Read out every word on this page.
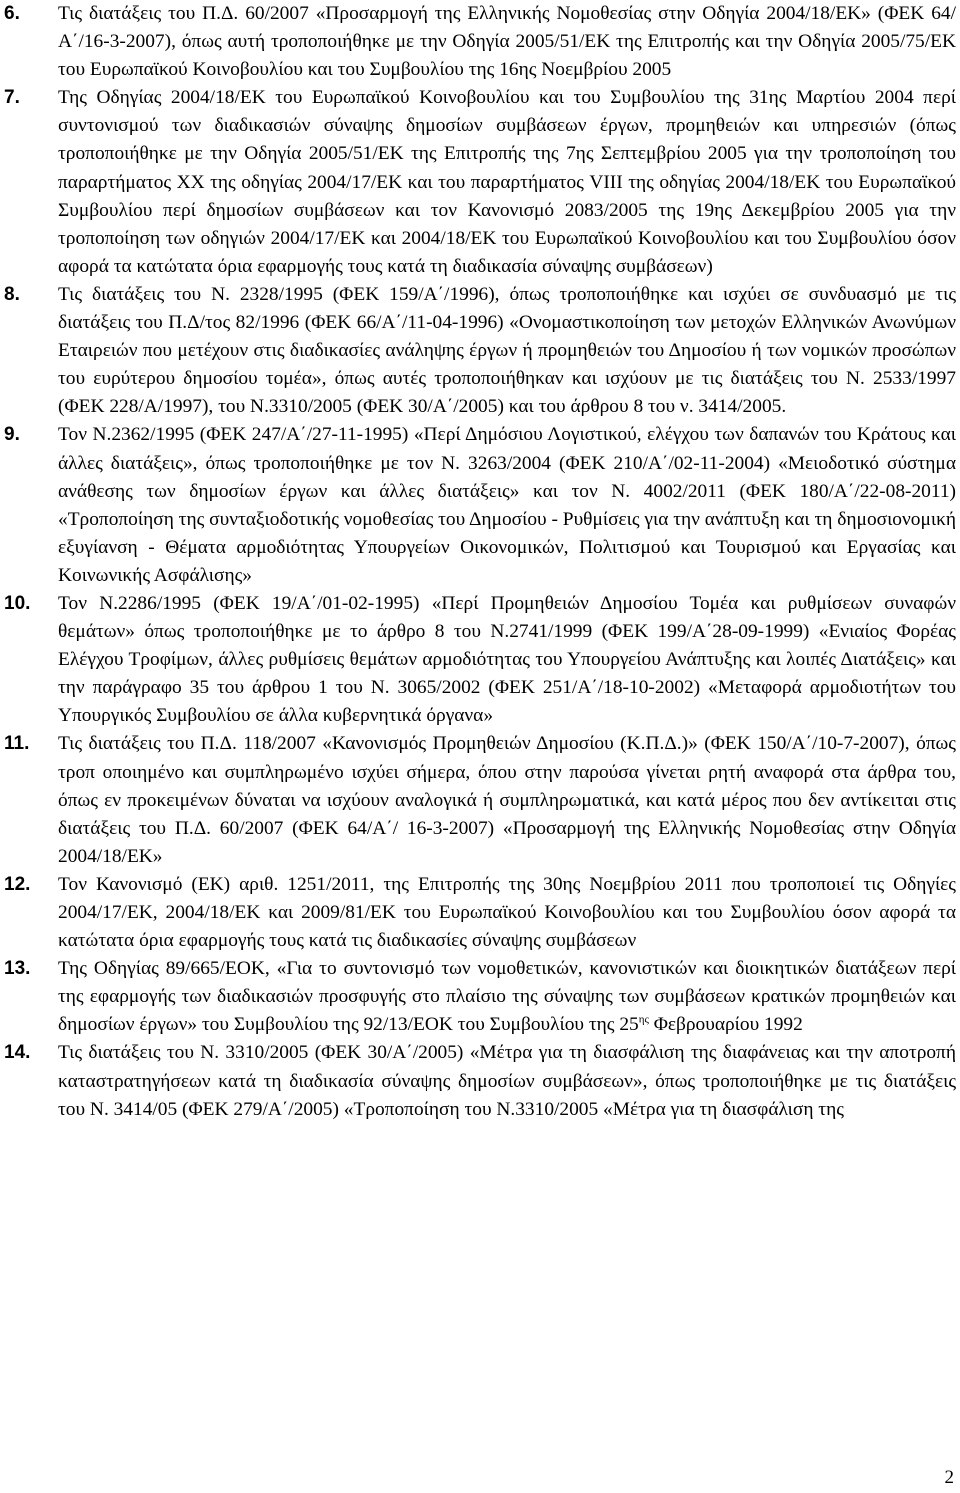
6. Τις διατάξεις του Π.Δ. 60/2007 «Προσαρμογή της Ελληνικής Νομοθεσίας στην Οδηγία 2004/18/ΕΚ» (ΦΕΚ 64/Α΄/16-3-2007), όπως αυτή τροποποιήθηκε με την Οδηγία 2005/51/ΕΚ της Επιτροπής και την Οδηγία 2005/75/ΕΚ του Ευρωπαϊκού Κοινοβουλίου και του Συμβουλίου της 16ης Νοεμβρίου 2005
7. Της Οδηγίας 2004/18/ΕΚ του Ευρωπαϊκού Κοινοβουλίου και του Συμβουλίου της 31ης Μαρτίου 2004 περί συντονισμού των διαδικασιών σύναψης δημοσίων συμβάσεων έργων, προμηθειών και υπηρεσιών (όπως τροποποιήθηκε με την Οδηγία 2005/51/ΕΚ της Επιτροπής της 7ης Σεπτεμβρίου 2005 για την τροποποίηση του παραρτήματος ΧΧ της οδηγίας 2004/17/ΕΚ και του παραρτήματος VIII της οδηγίας 2004/18/ΕΚ του Ευρωπαϊκού Συμβουλίου περί δημοσίων συμβάσεων και τον Κανονισμό 2083/2005 της 19ης Δεκεμβρίου 2005 για την τροποποίηση των οδηγιών 2004/17/ΕΚ και 2004/18/ΕΚ του Ευρωπαϊκού Κοινοβουλίου και του Συμβουλίου όσον αφορά τα κατώτατα όρια εφαρμογής τους κατά τη διαδικασία σύναψης συμβάσεων)
8. Τις διατάξεις του Ν. 2328/1995 (ΦΕΚ 159/Α΄/1996), όπως τροποποιήθηκε και ισχύει σε συνδυασμό με τις διατάξεις του Π.Δ/τος 82/1996 (ΦΕΚ 66/Α΄/11-04-1996) «Ονομαστικοποίηση των μετοχών Ελληνικών Ανωνύμων Εταιρειών που μετέχουν στις διαδικασίες ανάληψης έργων ή προμηθειών του Δημοσίου ή των νομικών προσώπων του ευρύτερου δημοσίου τομέα», όπως αυτές τροποποιήθηκαν και ισχύουν με τις διατάξεις του Ν. 2533/1997 (ΦΕΚ 228/Α/1997), του Ν.3310/2005 (ΦΕΚ 30/Α΄/2005) και του άρθρου 8 του ν. 3414/2005.
9. Τον Ν.2362/1995 (ΦΕΚ 247/Α΄/27-11-1995) «Περί Δημόσιου Λογιστικού, ελέγχου των δαπανών του Κράτους και άλλες διατάξεις», όπως τροποποιήθηκε με τον Ν. 3263/2004 (ΦΕΚ 210/Α΄/02-11-2004) «Μειοδοτικό σύστημα ανάθεσης των δημοσίων έργων και άλλες διατάξεις» και τον Ν. 4002/2011 (ΦΕΚ 180/Α΄/22-08-2011) «Τροποποίηση της συνταξιοδοτικής νομοθεσίας του Δημοσίου - Ρυθμίσεις για την ανάπτυξη και τη δημοσιονομική εξυγίανση - Θέματα αρμοδιότητας Υπουργείων Οικονομικών, Πολιτισμού και Τουρισμού και Εργασίας και Κοινωνικής Ασφάλισης»
10. Τον Ν.2286/1995 (ΦΕΚ 19/Α΄/01-02-1995) «Περί Προμηθειών Δημοσίου Τομέα και ρυθμίσεων συναφών θεμάτων» όπως τροποποιήθηκε με το άρθρο 8 του Ν.2741/1999 (ΦΕΚ 199/Α΄28-09-1999) «Ενιαίος Φορέας Ελέγχου Τροφίμων, άλλες ρυθμίσεις θεμάτων αρμοδιότητας του Υπουργείου Ανάπτυξης και λοιπές Διατάξεις» και την παράγραφο 35 του άρθρου 1 του Ν. 3065/2002 (ΦΕΚ 251/Α΄/18-10-2002) «Μεταφορά αρμοδιοτήτων του Υπουργικός Συμβουλίου σε άλλα κυβερνητικά όργανα»
11. Τις διατάξεις του Π.Δ. 118/2007 «Κανονισμός Προμηθειών Δημοσίου (Κ.Π.Δ.)» (ΦΕΚ 150/Α΄/10-7-2007), όπως τροπ οποιημένο και συμπληρωμένο ισχύει σήμερα, όπου στην παρούσα γίνεται ρητή αναφορά στα άρθρα του, όπως εν προκειμένων δύναται να ισχύουν αναλογικά ή συμπληρωματικά, και κατά μέρος που δεν αντίκειται στις διατάξεις του Π.Δ. 60/2007 (ΦΕΚ 64/Α΄/ 16-3-2007) «Προσαρμογή της Ελληνικής Νομοθεσίας στην Οδηγία 2004/18/ΕΚ»
12. Τον Κανονισμό (ΕΚ) αριθ. 1251/2011, της Επιτροπής της 30ης Νοεμβρίου 2011 που τροποποιεί τις Οδηγίες 2004/17/ΕΚ, 2004/18/ΕΚ και 2009/81/ΕΚ του Ευρωπαϊκού Κοινοβουλίου και του Συμβουλίου όσον αφορά τα κατώτατα όρια εφαρμογής τους κατά τις διαδικασίες σύναψης συμβάσεων
13. Της Οδηγίας 89/665/ΕΟΚ, «Για το συντονισμό των νομοθετικών, κανονιστικών και διοικητικών διατάξεων περί της εφαρμογής των διαδικασιών προσφυγής στο πλαίσιο της σύναψης των συμβάσεων κρατικών προμηθειών και δημοσίων έργων» του Συμβουλίου της 92/13/ΕΟΚ του Συμβουλίου της $25^{\eta\varsigma}$ Φεβρουαρίου 1992
14. Τις διατάξεις του Ν. 3310/2005 (ΦΕΚ 30/Α΄/2005) «Μέτρα για τη διασφάλιση της διαφάνειας και την αποτροπή καταστρατηγήσεων κατά τη διαδικασία σύναψης δημοσίων συμβάσεων», όπως τροποποιήθηκε με τις διατάξεις του Ν. 3414/05 (ΦΕΚ 279/Α΄/2005) «Τροποποίηση του Ν.3310/2005 «Μέτρα για τη διασφάλιση της
2
